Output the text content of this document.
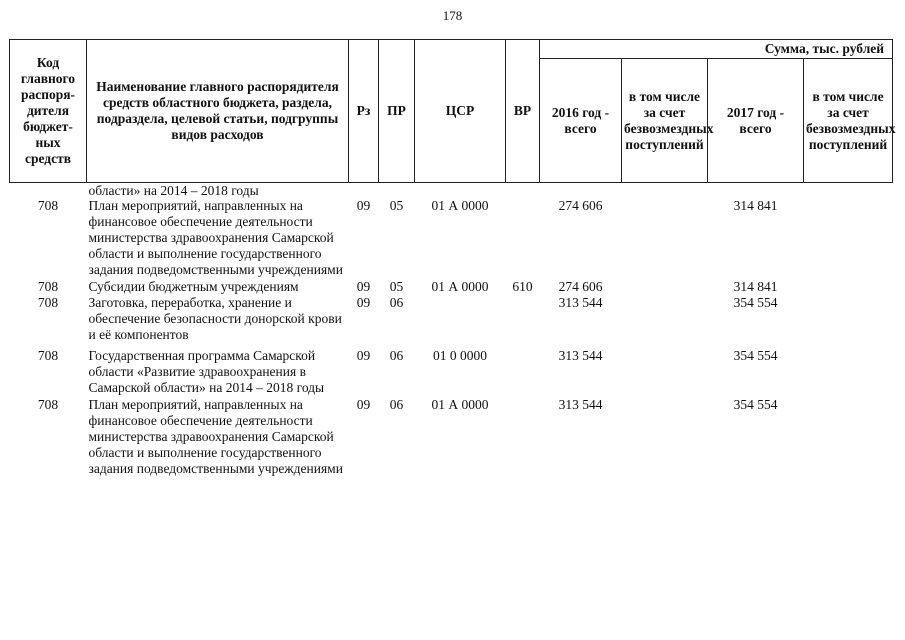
178
Код главного распоря-дителя бюджет-ных средств	Наименование главного распорядителя средств областного бюджета, раздела, подраздела, целевой статьи, подгруппы видов расходов	Рз	ПР	ЦСР	ВР	Сумма, тыс. рублей			
						2016 год - всего	в том числе за счет безвозмездных поступлений	2017 год - всего	в том числе за счет безвозмездных поступлений
	области» на 2014 – 2018 годы								
708	План мероприятий, направленных на финансовое обеспечение деятельности министерства здравоохранения Самарской области и выполнение государственного задания подведомственными учреждениями	09	05	01 А 0000		274 606		314 841	
708	Субсидии бюджетным учреждениям	09	05	01 А 0000	610	274 606		314 841	
708	Заготовка, переработка, хранение и обеспечение безопасности донорской крови и её компонентов	09	06			313 544		354 554	
708	Государственная программа Самарской области «Развитие здравоохранения в Самарской области» на 2014 – 2018 годы	09	06	01 0 0000		313 544		354 554	
708	План мероприятий, направленных на финансовое обеспечение деятельности министерства здравоохранения Самарской области и выполнение государственного задания подведомственными учреждениями	09	06	01 А 0000		313 544		354 554	
